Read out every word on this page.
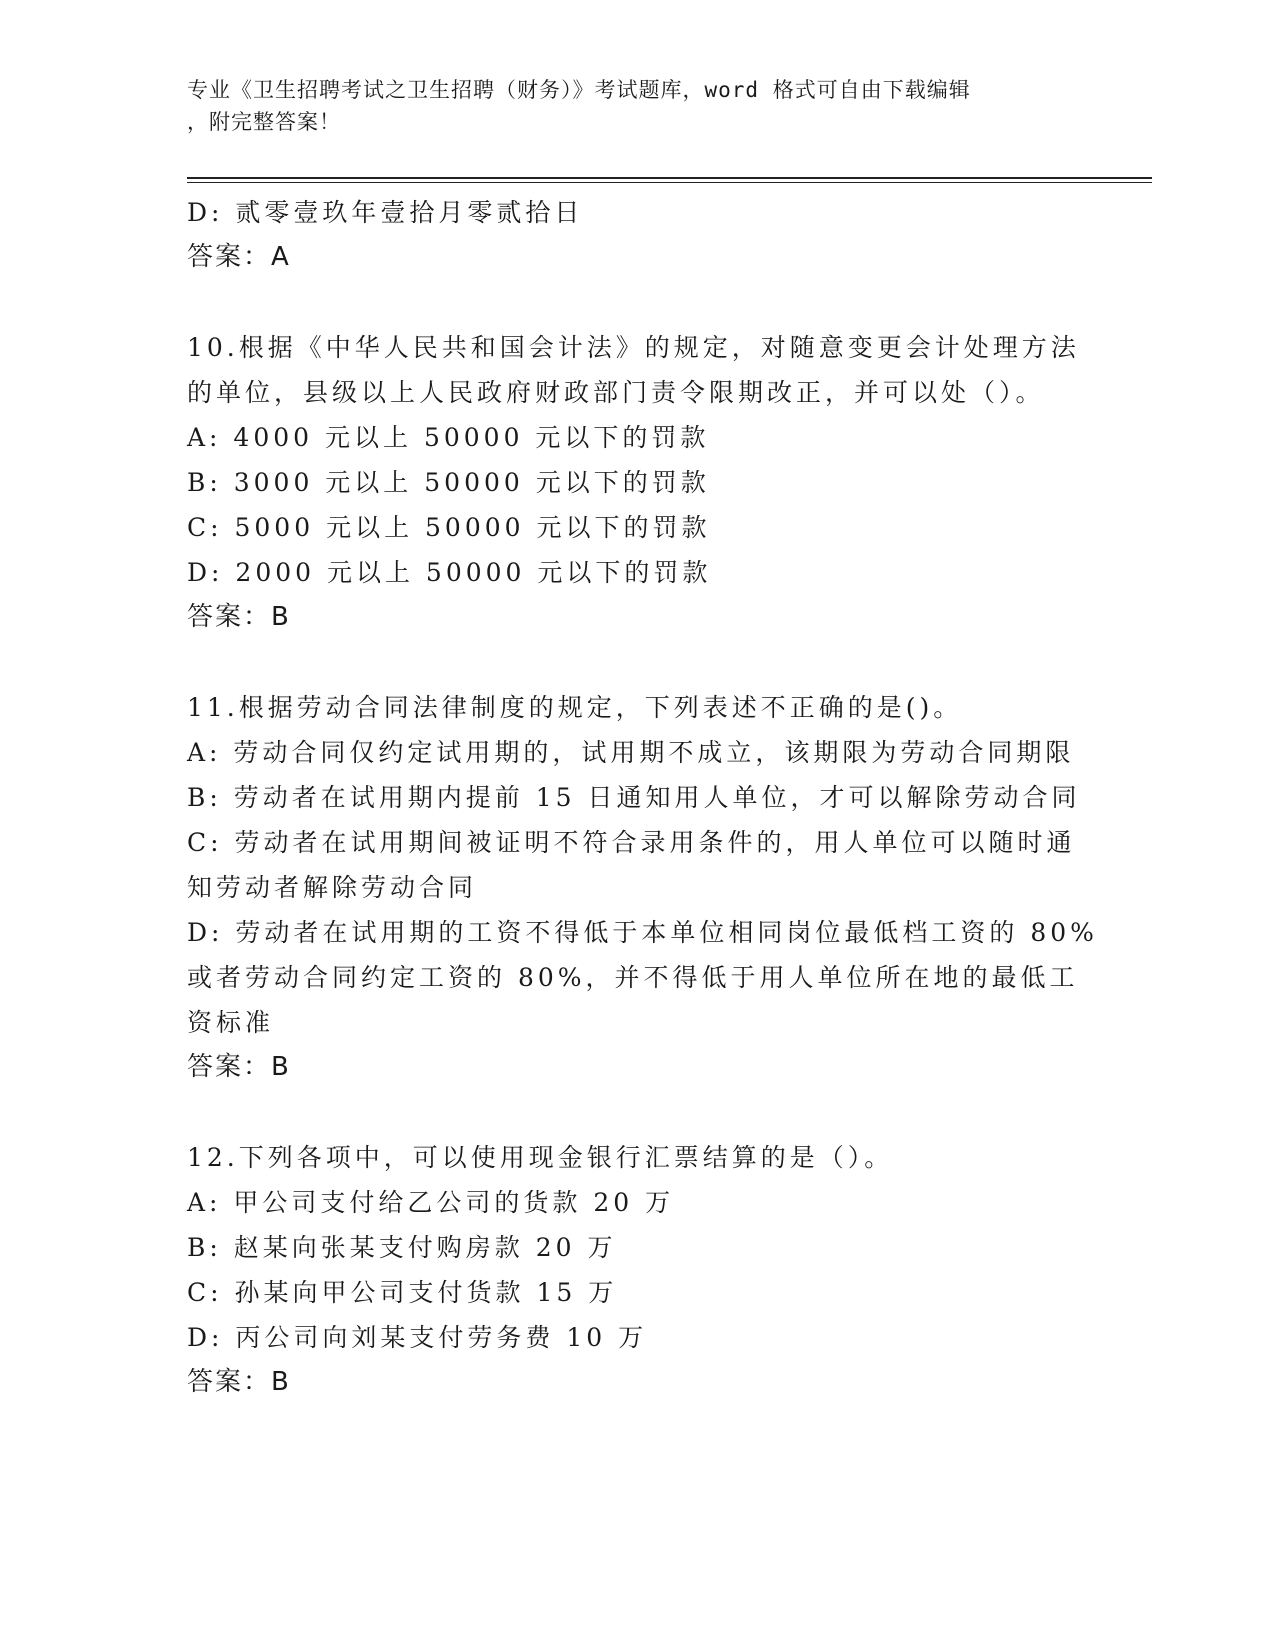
专业《卫生招聘考试之卫生招聘（财务）》考试题库，word 格式可自由下载编辑
，附完整答案！
D: 贰零壹玖年壹拾月零贰拾日
答案：A
10.根据《中华人民共和国会计法》的规定，对随意变更会计处理方法
的单位，县级以上人民政府财政部门责令限期改正，并可以处（）。
A: 4000 元以上 50000 元以下的罚款
B: 3000 元以上 50000 元以下的罚款
C: 5000 元以上 50000 元以下的罚款
D: 2000 元以上 50000 元以下的罚款
答案：B
11.根据劳动合同法律制度的规定，下列表述不正确的是()。
A: 劳动合同仅约定试用期的，试用期不成立，该期限为劳动合同期限
B: 劳动者在试用期内提前 15 日通知用人单位，才可以解除劳动合同
C: 劳动者在试用期间被证明不符合录用条件的，用人单位可以随时通
知劳动者解除劳动合同
D: 劳动者在试用期的工资不得低于本单位相同岗位最低档工资的 80%
或者劳动合同约定工资的 80%，并不得低于用人单位所在地的最低工
资标准
答案：B
12.下列各项中，可以使用现金银行汇票结算的是（）。
A: 甲公司支付给乙公司的货款 20 万
B: 赵某向张某支付购房款 20 万
C: 孙某向甲公司支付货款 15 万
D: 丙公司向刘某支付劳务费 10 万
答案：B
